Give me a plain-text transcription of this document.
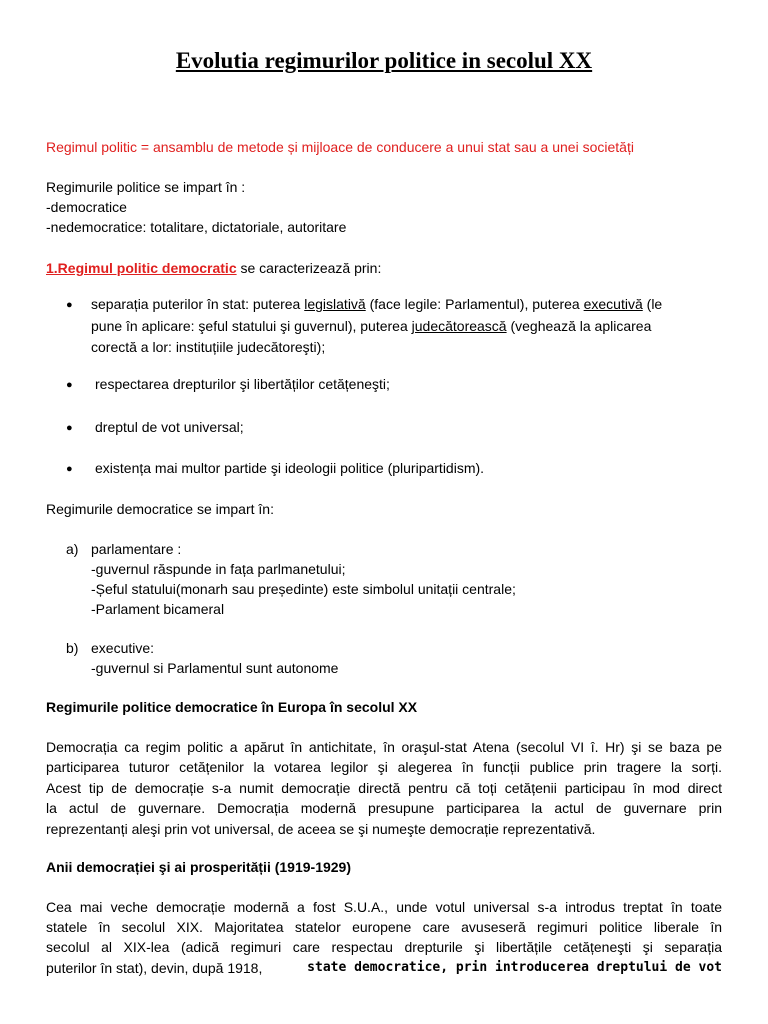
Evolutia regimurilor politice in secolul XX
Regimul politic = ansamblu de metode și mijloace de conducere a unui stat sau a unei societăți
Regimurile politice se impart în :
-democratice
-nedemocratice: totalitare, dictatoriale, autoritare
1.Regimul politic democratic se caracterizează prin:
● separația puterilor în stat: puterea legislativă (face legile: Parlamentul), puterea executivă (le
pune în aplicare: şeful statului şi guvernul), puterea judecătorească (veghează la aplicarea
corectă a lor: instituțiile judecătoreşti);
● respectarea drepturilor şi libertăților cetățeneşti;
● dreptul de vot universal;
● existența mai multor partide şi ideologii politice (pluripartidism).
Regimurile democratice se impart în:
a) parlamentare :
-guvernul răspunde in fața parlmanetului;
-Șeful statului(monarh sau președinte) este simbolul unitații centrale;
-Parlament bicameral
b) executive:
-guvernul si Parlamentul sunt autonome
Regimurile politice democratice în Europa în secolul XX
Democrația ca regim politic a apărut în antichitate, în oraşul-stat Atena (secolul VI î. Hr) şi se baza pe
participarea tuturor cetățenilor la votarea legilor şi alegerea în funcții publice prin tragere la sorți.
Acest tip de democrație s-a numit democrație directă pentru că toți cetățenii participau în mod direct
la actul de guvernare. Democrația modernă presupune participarea la actul de guvernare prin
reprezentanți aleşi prin vot universal, de aceea se şi numeşte democrație reprezentativă.
Anii democrației şi ai prosperității (1919-1929)
Cea mai veche democrație modernă a fost S.U.A., unde votul universal s-a introdus treptat în toate
statele în secolul XIX. Majoritatea statelor europene care avuseseră regimuri politice liberale în
secolul al XIX-lea (adică regimuri care respectau drepturile şi libertățile cetățeneşti şi separația
puterilor în stat), devin, după 1918,	state democratice, prin introducerea dreptului de vot
